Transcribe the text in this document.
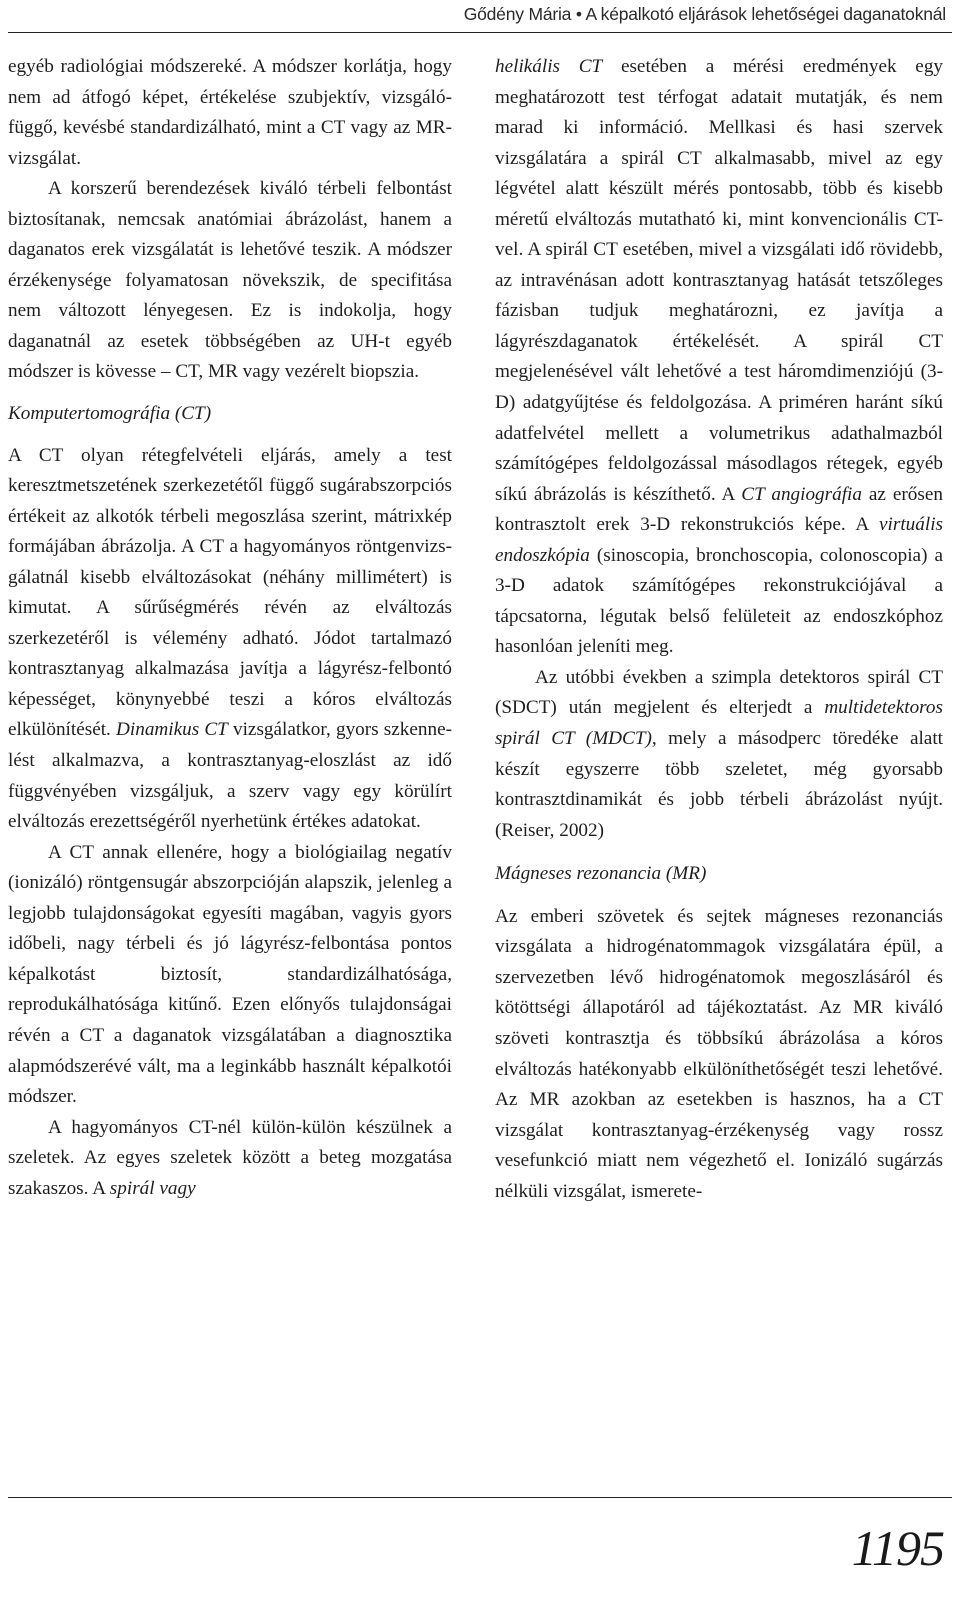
Gődény Mária • A képalkotó eljárások lehetőségei daganatoknál

egyéb radiológiai módszereké. A módszer korlátja, hogy nem ad átfogó képet, értékelése szubjektív, vizsgáló-függő, kevésbé standardizálható, mint a CT vagy az MR-vizsgálat.

A korszerű berendezések kiváló térbeli felbontást biztosítanak, nemcsak anatómiai ábrázolást, hanem a daganatos erek vizsgálatát is lehetővé teszik. A módszer érzékenysége folyamatosan növekszik, de specifitása nem változott lényegesen. Ez is indokolja, hogy daganatnál az esetek többségében az UH-t egyéb módszer is kövesse – CT, MR vagy vezérelt biopszia.

Komputertomográfia (CT)

A CT olyan rétegfelvételi eljárás, amely a test keresztmetszetének szerkezetétől függő sugárabszorpciós értékeit az alkotók térbeli megoszlása szerint, mátrixkép formájában ábrázolja. A CT a hagyományos röntgenvizsgálatnál kisebb elváltozásokat (néhány millimétert) is kimutat. A sűrűségmérés révén az elváltozás szerkezetéről is vélemény adható. Jódot tartalmazó kontrasztanyag alkalmazása javítja a lágyrész-felbontó képességet, könynyebbé teszi a kóros elváltozás elkülönítését. Dinamikus CT vizsgálatkor, gyors szkennelést alkalmazva, a kontrasztanyag-eloszlást az idő függvényében vizsgáljuk, a szerv vagy egy körülírt elváltozás erezettségéről nyerhetünk értékes adatokat.

A CT annak ellenére, hogy a biológiailag negatív (ionizáló) röntgensugár abszorpcióján alapszik, jelenleg a legjobb tulajdonságokat egyesíti magában, vagyis gyors időbeli, nagy térbeli és jó lágyrész-felbontása pontos képalkotást biztosít, standardizálhatósága, reprodukálhatósága kitűnő. Ezen előnyős tulajdonságai révén a CT a daganatok vizsgálatában a diagnosztika alapmódszerévé vált, ma a leginkább használt képalkotói módszer.

A hagyományos CT-nél külön-külön készülnek a szeletek. Az egyes szeletek között a beteg mozgatása szakaszos. A spirál vagy

helikális CT esetében a mérési eredmények egy meghatározott test térfogat adatait mutatják, és nem marad ki információ. Mellkasi és hasi szervek vizsgálatára a spirál CT alkalmasabb, mivel az egy légvétel alatt készült mérés pontosabb, több és kisebb méretű elváltozás mutatható ki, mint konvencionális CT-vel. A spirál CT esetében, mivel a vizsgálati idő rövidebb, az intravénásan adott kontrasztanyag hatását tetszőleges fázisban tudjuk meghatározni, ez javítja a lágyrészdaganatok értékelését. A spirál CT megjelenésével vált lehetővé a test háromdimenziójú (3-D) adatgyűjtése és feldolgozása. A priméren haránt síkú adatfelvétel mellett a volumetrikus adathalmazból számítógépes feldolgozással másodlagos rétegek, egyéb síkú ábrázolás is készíthető. A CT angiográfia az erősen kontrasztolt erek 3-D rekonstrukciós képe. A virtuális endoszkópia (sinoscopia, bronchoscopia, colonoscopia) a 3-D adatok számítógépes rekonstrukciójával a tápcsatorna, légutak belső felületeit az endoszkóphoz hasonlóan jeleníti meg.

Az utóbbi években a szimpla detektoros spirál CT (SDCT) után megjelent és elterjedt a multidetektoros spirál CT (MDCT), mely a másodperc töredéke alatt készít egyszerre több szeletet, még gyorsabb kontrasztdinamikát és jobb térbeli ábrázolást nyújt. (Reiser, 2002)

Mágneses rezonancia (MR)

Az emberi szövetek és sejtek mágneses rezonanciás vizsgálata a hidrogénatommagok vizsgálatára épül, a szervezetben lévő hidrogénatomok megoszlásáról és kötöttségi állapotáról ad tájékoztatást. Az MR kiváló szöveti kontrasztja és többsíkú ábrázolása a kóros elváltozás hatékonyabb elkülöníthetőségét teszi lehetővé. Az MR azokban az esetekben is hasznos, ha a CT vizsgálat kontrasztanyag-érzékenység vagy rossz vesefunkció miatt nem végezhető el. Ionizáló sugárzás nélküli vizsgálat, ismerete-

1195
